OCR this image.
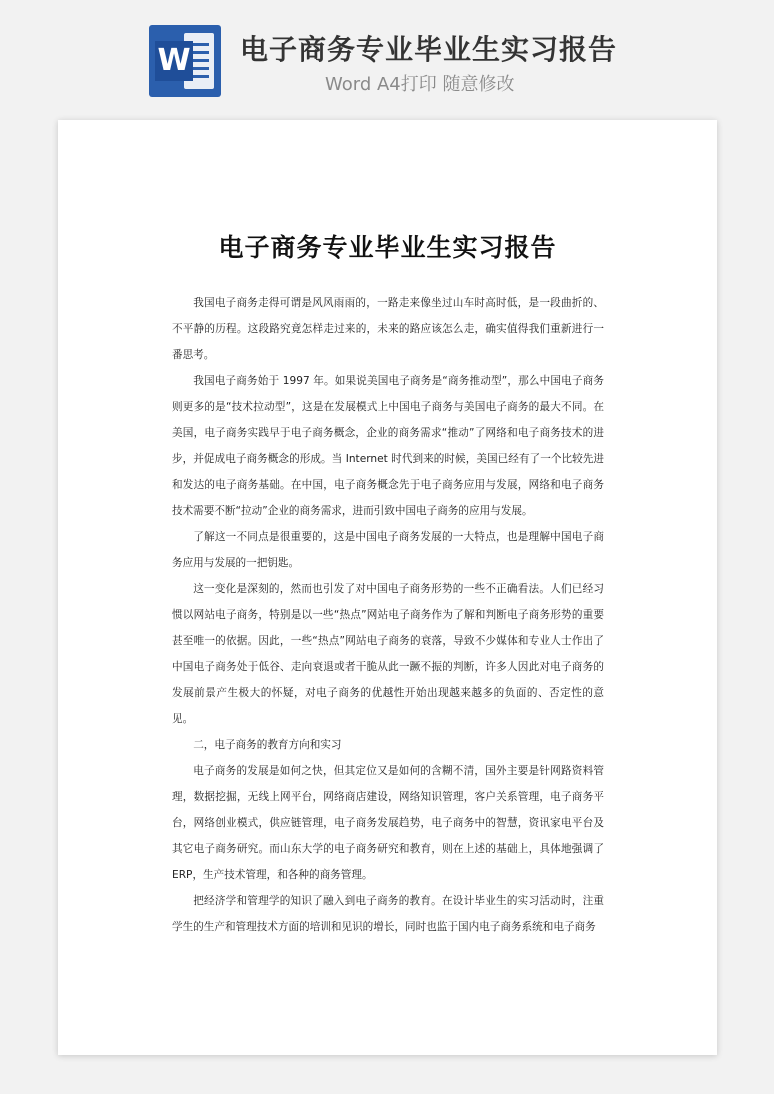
W 电子商务专业毕业生实习报告
Word A4打印 随意修改
电子商务专业毕业生实习报告

我国电子商务走得可谓是风风雨雨的，一路走来像坐过山车时高时低，是一段曲折的、不平静的历程。这段路究竟怎样走过来的，未来的路应该怎么走，确实值得我们重新进行一番思考。

我国电子商务始于 1997 年。如果说美国电子商务是“商务推动型”，那么中国电子商务则更多的是“技术拉动型”，这是在发展模式上中国电子商务与美国电子商务的最大不同。在美国，电子商务实践早于电子商务概念，企业的商务需求“推动”了网络和电子商务技术的进步，并促成电子商务概念的形成。当 Internet 时代到来的时候，美国已经有了一个比较先进和发达的电子商务基础。在中国，电子商务概念先于电子商务应用与发展，网络和电子商务技术需要不断“拉动”企业的商务需求，进而引致中国电子商务的应用与发展。

了解这一不同点是很重要的，这是中国电子商务发展的一大特点，也是理解中国电子商务应用与发展的一把钥匙。

这一变化是深刻的，然而也引发了对中国电子商务形势的一些不正确看法。人们已经习惯以网站电子商务，特别是以一些“热点”网站电子商务作为了解和判断电子商务形势的重要甚至唯一的依据。因此，一些“热点”网站电子商务的衰落，导致不少媒体和专业人士作出了中国电子商务处于低谷、走向衰退或者干脆从此一蹶不振的判断，许多人因此对电子商务的发展前景产生极大的怀疑，对电子商务的优越性开始出现越来越多的负面的、否定性的意见。

二，电子商务的教育方向和实习

电子商务的发展是如何之快，但其定位又是如何的含糊不清，国外主要是针网路资料管理，数据挖掘，无线上网平台，网络商店建设，网络知识管理，客户关系管理，电子商务平台，网络创业模式，供应链管理，电子商务发展趋势，电子商务中的智慧，资讯家电平台及其它电子商务研究。而山东大学的电子商务研究和教育，则在上述的基础上，具体地强调了 ERP，生产技术管理，和各种的商务管理。

把经济学和管理学的知识了融入到电子商务的教育。在设计毕业生的实习活动时，注重学生的生产和管理技术方面的培训和见识的增长，同时也监于国内电子商务系统和电子商务
